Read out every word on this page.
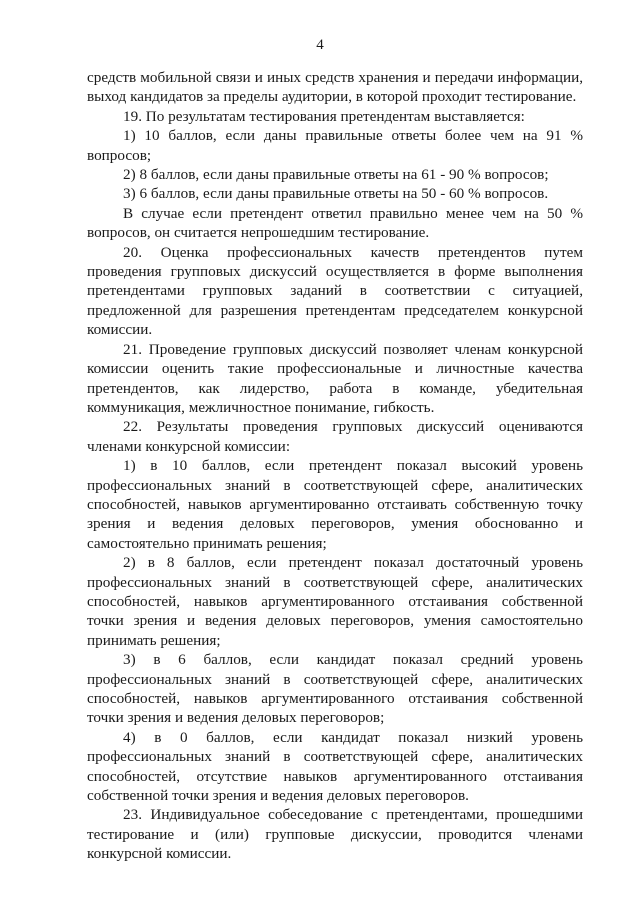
4

средств мобильной связи и иных средств хранения и передачи информации, выход кандидатов за пределы аудитории, в которой проходит тестирование.

19. По результатам тестирования претендентам выставляется:

1) 10 баллов, если даны правильные ответы более чем на 91 % вопросов;

2) 8 баллов, если даны правильные ответы на 61 - 90 % вопросов;

3) 6 баллов, если даны правильные ответы на 50 - 60 % вопросов.

В случае если претендент ответил правильно менее чем на 50 % вопросов, он считается непрошедшим тестирование.

20. Оценка профессиональных качеств претендентов путем проведения групповых дискуссий осуществляется в форме выполнения претендентами групповых заданий в соответствии с ситуацией, предложенной для разрешения претендентам председателем конкурсной комиссии.

21. Проведение групповых дискуссий позволяет членам конкурсной комиссии оценить такие профессиональные и личностные качества претендентов, как лидерство, работа в команде, убедительная коммуникация, межличностное понимание, гибкость.

22. Результаты проведения групповых дискуссий оцениваются членами конкурсной комиссии:

1) в 10 баллов, если претендент показал высокий уровень профессиональных знаний в соответствующей сфере, аналитических способностей, навыков аргументированно отстаивать собственную точку зрения и ведения деловых переговоров, умения обоснованно и самостоятельно принимать решения;

2) в 8 баллов, если претендент показал достаточный уровень профессиональных знаний в соответствующей сфере, аналитических способностей, навыков аргументированного отстаивания собственной точки зрения и ведения деловых переговоров, умения самостоятельно принимать решения;

3) в 6 баллов, если кандидат показал средний уровень профессиональных знаний в соответствующей сфере, аналитических способностей, навыков аргументированного отстаивания собственной точки зрения и ведения деловых переговоров;

4) в 0 баллов, если кандидат показал низкий уровень профессиональных знаний в соответствующей сфере, аналитических способностей, отсутствие навыков аргументированного отстаивания собственной точки зрения и ведения деловых переговоров.

23. Индивидуальное собеседование с претендентами, прошедшими тестирование и (или) групповые дискуссии, проводится членами конкурсной комиссии.
